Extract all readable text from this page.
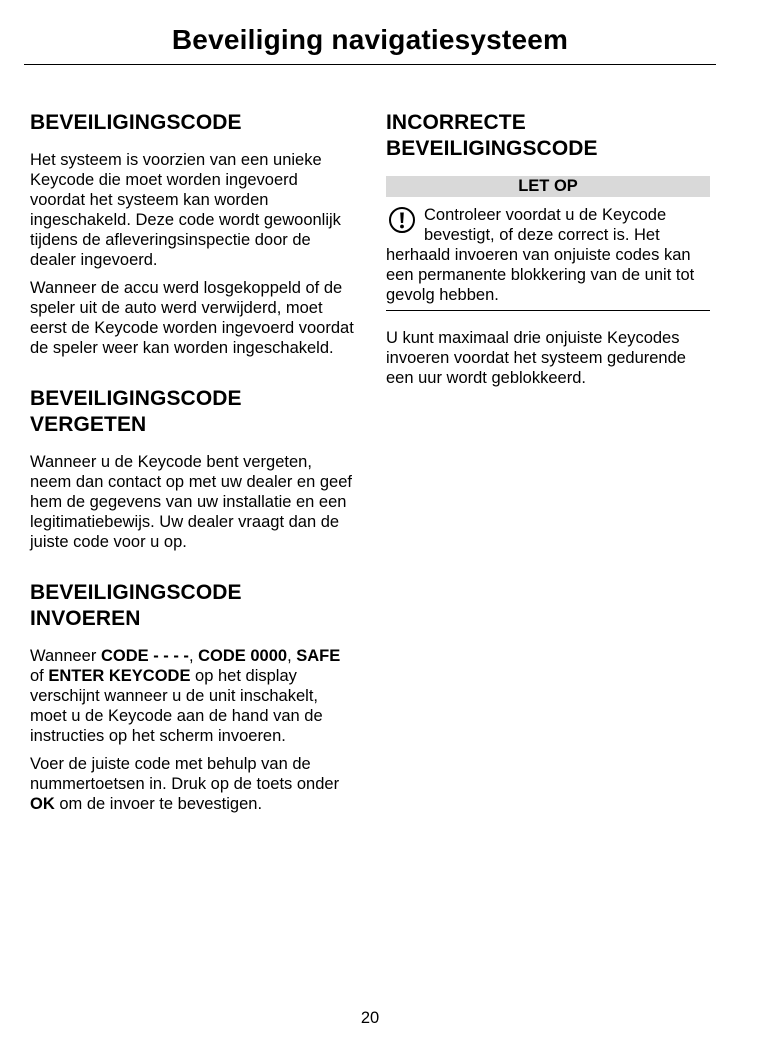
Beveiliging navigatiesysteem
BEVEILIGINGSCODE

Het systeem is voorzien van een unieke Keycode die moet worden ingevoerd voordat het systeem kan worden ingeschakeld. Deze code wordt gewoonlijk tijdens de afleveringsinspectie door de dealer ingevoerd.

Wanneer de accu werd losgekoppeld of de speler uit de auto werd verwijderd, moet eerst de Keycode worden ingevoerd voordat de speler weer kan worden ingeschakeld.

BEVEILIGINGSCODE
VERGETEN

Wanneer u de Keycode bent vergeten, neem dan contact op met uw dealer en geef hem de gegevens van uw installatie en een legitimatiebewijs. Uw dealer vraagt dan de juiste code voor u op.

BEVEILIGINGSCODE
INVOEREN

Wanneer CODE - - - -, CODE 0000, SAFE of ENTER KEYCODE op het display verschijnt wanneer u de unit inschakelt, moet u de Keycode aan de hand van de instructies op het scherm invoeren.

Voer de juiste code met behulp van de nummertoetsen in. Druk op de toets onder OK om de invoer te bevestigen.

INCORRECTE
BEVEILIGINGSCODE
LET OP
Controleer voordat u de Keycode bevestigt, of deze correct is. Het herhaald invoeren van onjuiste codes kan een permanente blokkering van de unit tot gevolg hebben.

U kunt maximaal drie onjuiste Keycodes invoeren voordat het systeem gedurende een uur wordt geblokkeerd.

20
